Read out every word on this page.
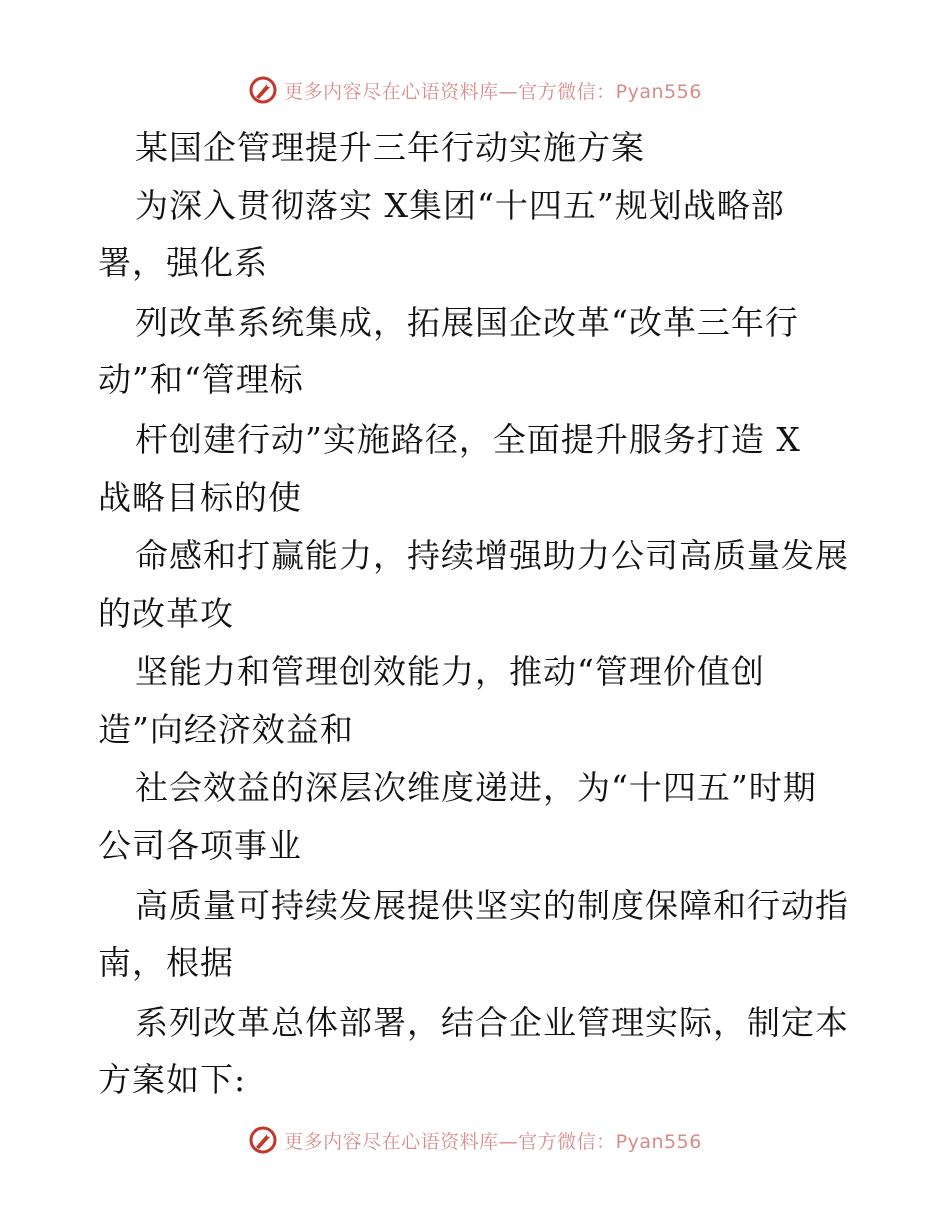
更多内容尽在心语资料库—官方微信：Pyan556
某国企管理提升三年行动实施方案
为深入贯彻落实 X集团“十四五”规划战略部
署，强化系
列改革系统集成，拓展国企改革“改革三年行
动”和“管理标
杆创建行动”实施路径，全面提升服务打造 X
战略目标的使
命感和打赢能力，持续增强助力公司高质量发展
的改革攻
坚能力和管理创效能力，推动“管理价值创
造”向经济效益和
社会效益的深层次维度递进，为“十四五”时期
公司各项事业
高质量可持续发展提供坚实的制度保障和行动指
南，根据
系列改革总体部署，结合企业管理实际，制定本
方案如下:
更多内容尽在心语资料库—官方微信：Pyan556
